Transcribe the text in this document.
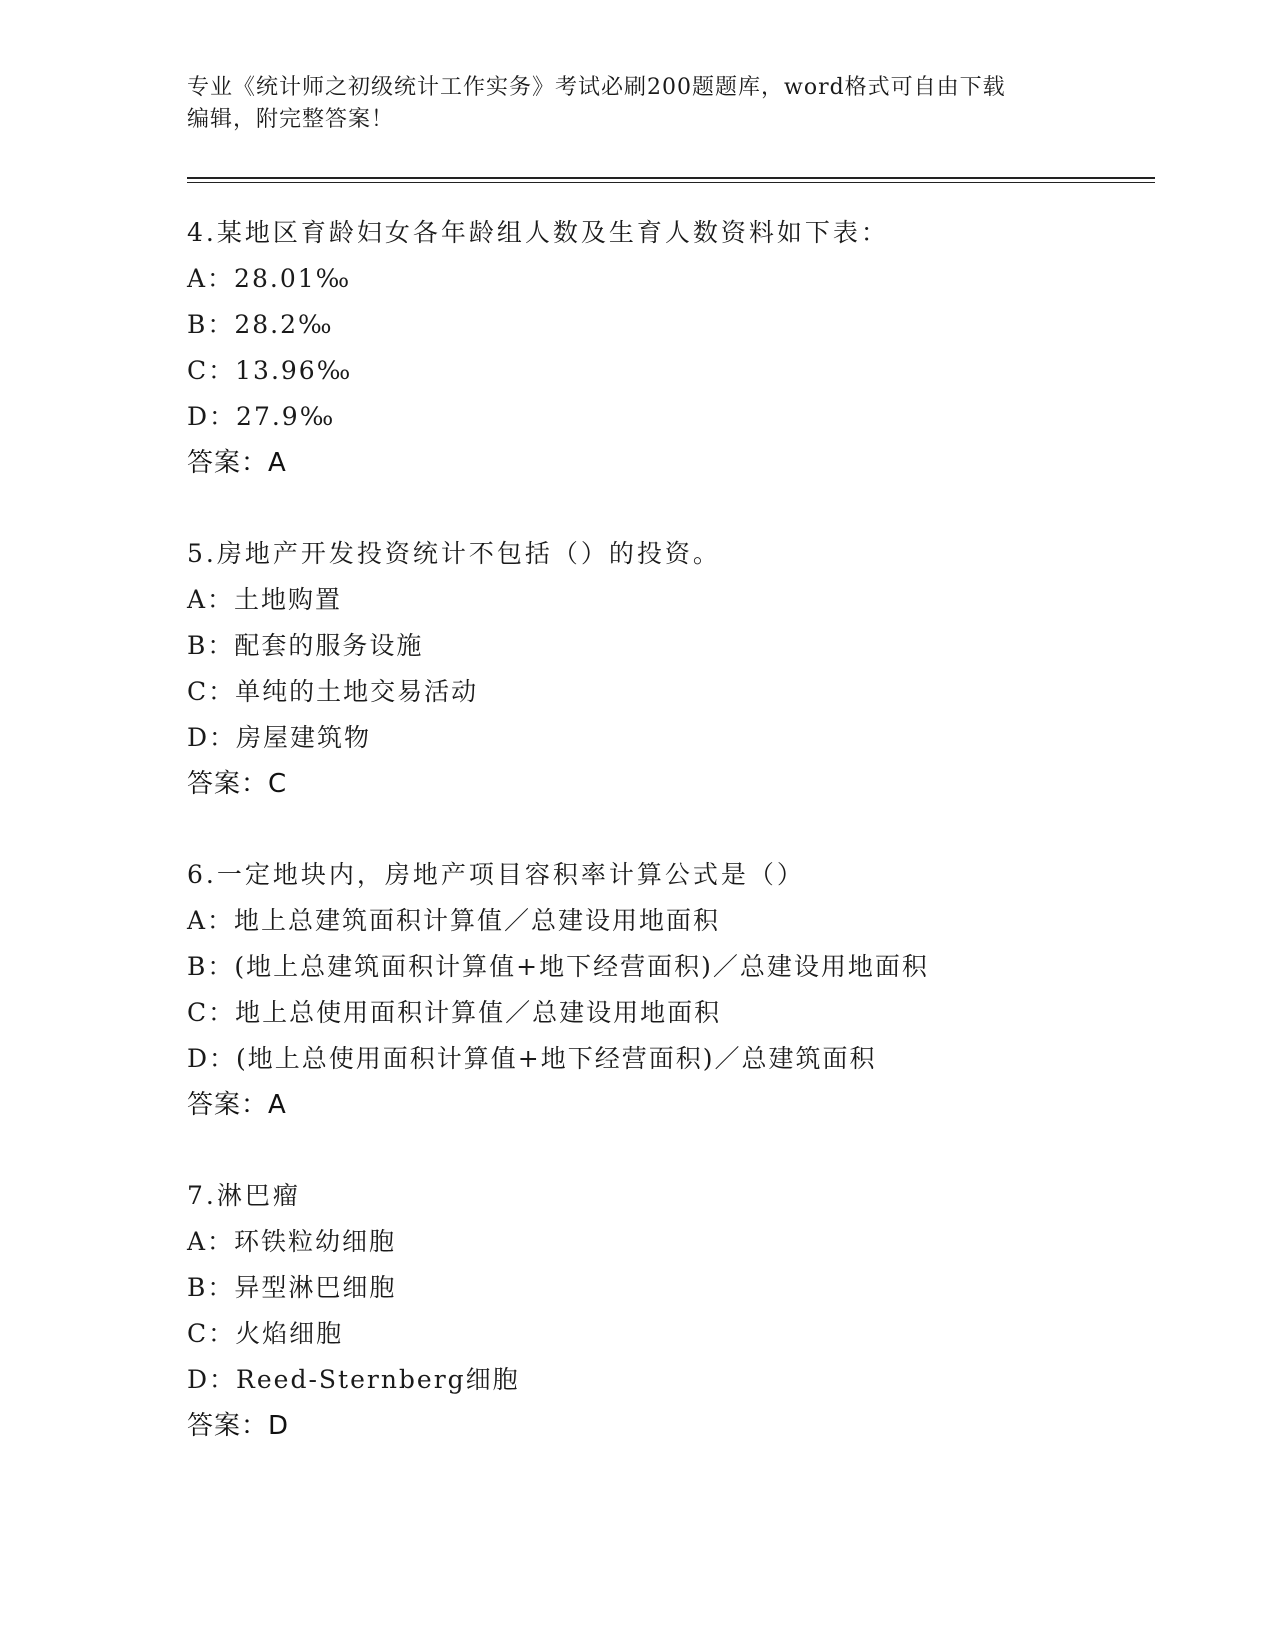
专业《统计师之初级统计工作实务》考试必刷200题题库，word格式可自由下载
编辑，附完整答案！
4.某地区育龄妇女各年龄组人数及生育人数资料如下表：
A：28.01‰
B：28.2‰
C：13.96‰
D：27.9‰
答案：A
5.房地产开发投资统计不包括（）的投资。
A：土地购置
B：配套的服务设施
C：单纯的土地交易活动
D：房屋建筑物
答案：C
6.一定地块内，房地产项目容积率计算公式是（）
A：地上总建筑面积计算值／总建设用地面积
B：(地上总建筑面积计算值+地下经营面积)／总建设用地面积
C：地上总使用面积计算值／总建设用地面积
D：(地上总使用面积计算值+地下经营面积)／总建筑面积
答案：A
7.淋巴瘤
A：环铁粒幼细胞
B：异型淋巴细胞
C：火焰细胞
D：Reed-Sternberg细胞
答案：D
